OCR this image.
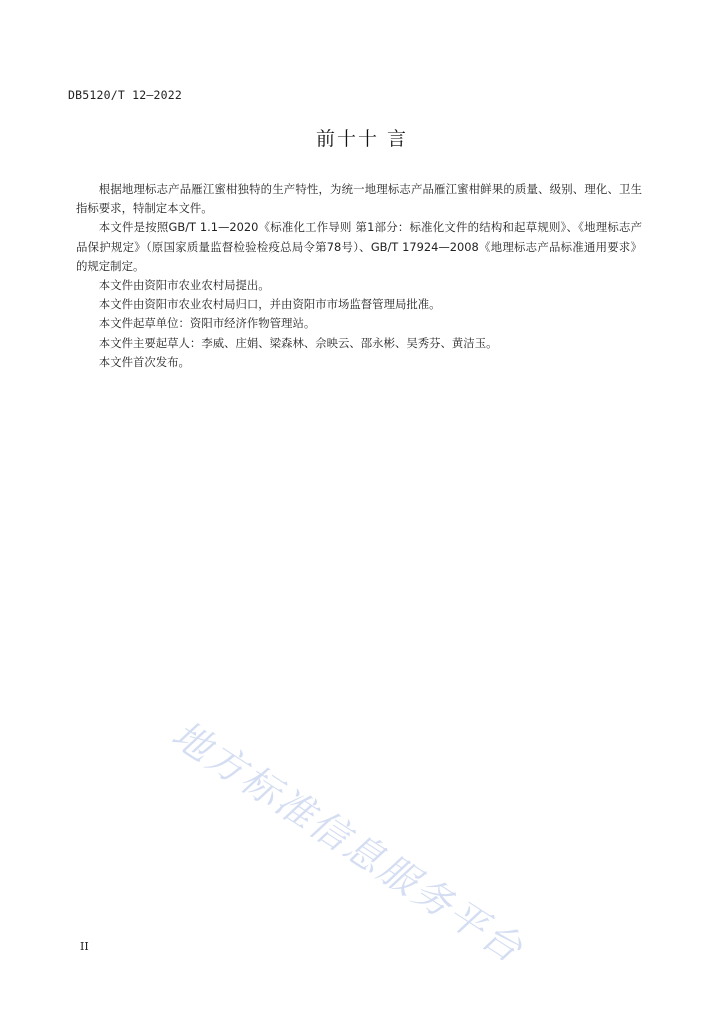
DB5120/T 12—2022
前十十 言

根据地理标志产品雁江蜜柑独特的生产特性，为统一地理标志产品雁江蜜柑鲜果的质量、级别、理化、卫生指标要求，特制定本文件。

本文件是按照GB/T 1.1—2020《标准化工作导则 第1部分：标准化文件的结构和起草规则》、《地理标志产品保护规定》（原国家质量监督检验检疫总局令第78号）、GB/T 17924—2008《地理标志产品标准通用要求》的规定制定。

本文件由资阳市农业农村局提出。

本文件由资阳市农业农村局归口，并由资阳市市场监督管理局批准。

本文件起草单位：资阳市经济作物管理站。

本文件主要起草人：李威、庄娟、梁森林、佘映云、邵永彬、吴秀芬、黄洁玉。

本文件首次发布。

地方标准信息服务平台
II
